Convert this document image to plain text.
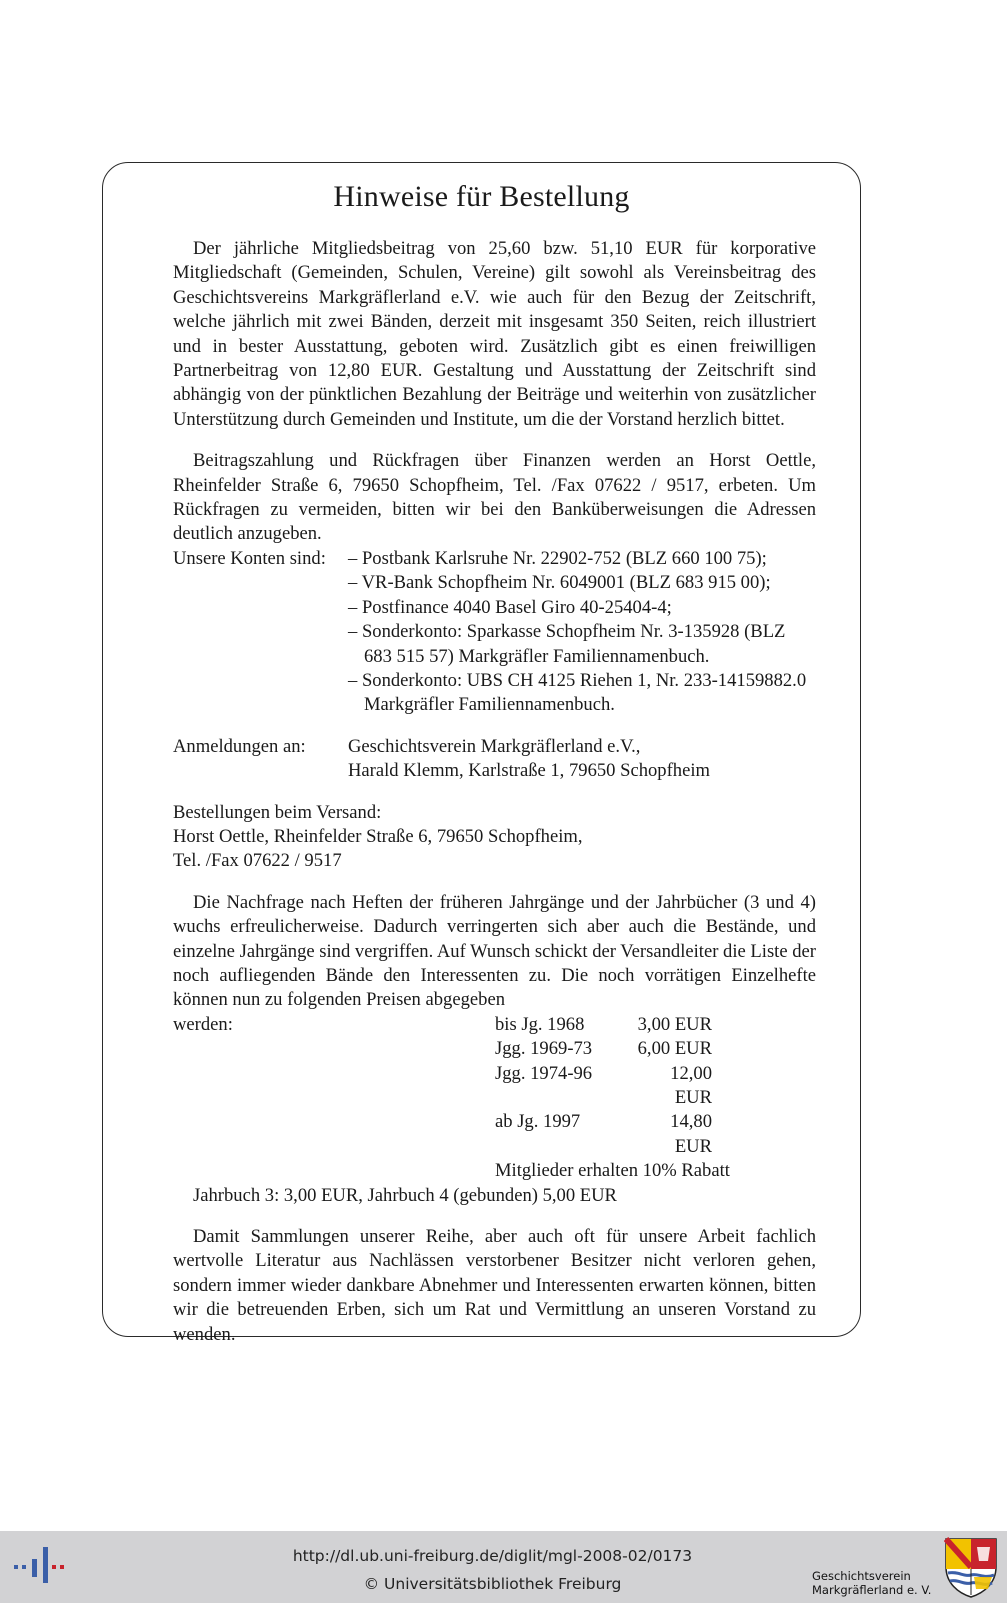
Hinweise für Bestellung

Der jährliche Mitgliedsbeitrag von 25,60 bzw. 51,10 EUR für korporative Mitgliedschaft (Gemeinden, Schulen, Vereine) gilt sowohl als Vereinsbeitrag des Geschichtsvereins Markgräflerland e.V. wie auch für den Bezug der Zeitschrift, welche jährlich mit zwei Bänden, derzeit mit insgesamt 350 Seiten, reich illustriert und in bester Ausstattung, geboten wird. Zusätzlich gibt es einen freiwilligen Partnerbeitrag von 12,80 EUR. Gestaltung und Ausstattung der Zeitschrift sind abhängig von der pünktlichen Bezahlung der Beiträge und weiterhin von zusätzlicher Unterstützung durch Gemeinden und Institute, um die der Vorstand herzlich bittet.

Beitragszahlung und Rückfragen über Finanzen werden an Horst Oettle, Rheinfelder Straße 6, 79650 Schopfheim, Tel. /Fax 07622 / 9517, erbeten. Um Rückfragen zu vermeiden, bitten wir bei den Banküberweisungen die Adressen deutlich anzugeben.

Unsere Konten sind:	– Postbank Karlsruhe Nr. 22902-752 (BLZ 660 100 75);
– VR-Bank Schopfheim Nr. 6049001 (BLZ 683 915 00);
– Postfinance 4040 Basel Giro 40-25404-4;
– Sonderkonto: Sparkasse Schopfheim Nr. 3-135928 (BLZ 683 515 57) Markgräfler Familiennamenbuch.
– Sonderkonto: UBS CH 4125 Riehen 1, Nr. 233-14159882.0 Markgräfler Familiennamenbuch.
Anmeldungen an:	Geschichtsverein Markgräflerland e.V.,
Harald Klemm, Karlstraße 1, 79650 Schopfheim
Bestellungen beim Versand:
Horst Oettle, Rheinfelder Straße 6, 79650 Schopfheim,
Tel. /Fax 07622 / 9517

Die Nachfrage nach Heften der früheren Jahrgänge und der Jahrbücher (3 und 4) wuchs erfreulicherweise. Dadurch verringerten sich aber auch die Bestände, und einzelne Jahrgänge sind vergriffen. Auf Wunsch schickt der Versandleiter die Liste der noch aufliegenden Bände den Interessenten zu. Die noch vorrätigen Einzelhefte können nun zu folgenden Preisen abgegeben

werden:	bis Jg. 1968	3,00 EUR
Jgg. 1969-73	6,00 EUR
Jgg. 1974-96	12,00 EUR
ab Jg. 1997	14,80 EUR
Mitglieder erhalten 10% Rabatt
Jahrbuch 3: 3,00 EUR, Jahrbuch 4 (gebunden) 5,00 EUR

Damit Sammlungen unserer Reihe, aber auch oft für unsere Arbeit fachlich wertvolle Literatur aus Nachlässen verstorbener Besitzer nicht verloren gehen, sondern immer wieder dankbare Abnehmer und Interessenten erwarten können, bitten wir die betreuenden Erben, sich um Rat und Vermittlung an unseren Vorstand zu wenden.

http://dl.ub.uni-freiburg.de/diglit/mgl-2008-02/0173
© Universitätsbibliothek Freiburg	Geschichtsverein
Markgräflerland e. V.
